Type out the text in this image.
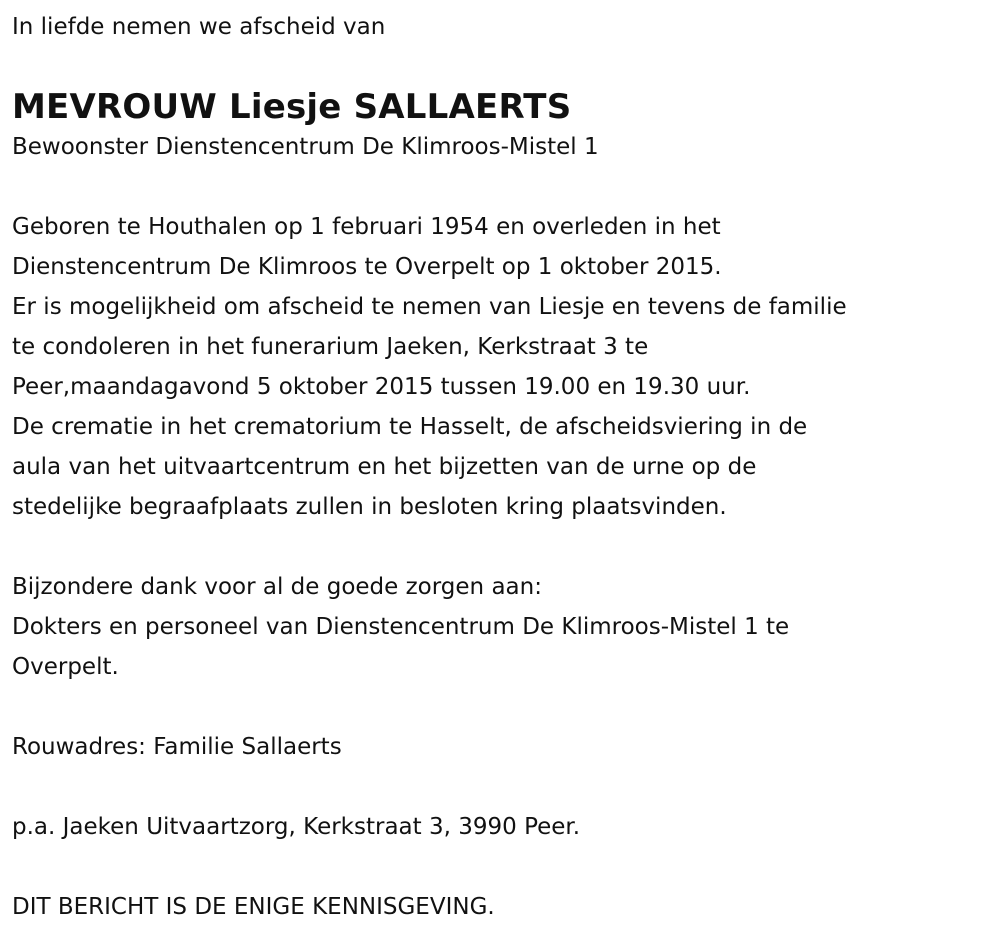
In liefde nemen we afscheid van

MEVROUW Liesje SALLAERTS

Bewoonster Dienstencentrum De Klimroos-Mistel 1

Geboren te Houthalen op 1 februari 1954 en overleden in het

Dienstencentrum De Klimroos te Overpelt op 1 oktober 2015.

Er is mogelijkheid om afscheid te nemen van Liesje en tevens de familie

te condoleren in het funerarium Jaeken, Kerkstraat 3 te

Peer,maandagavond 5 oktober 2015 tussen 19.00 en 19.30 uur.

De crematie in het crematorium te Hasselt, de afscheidsviering in de

aula van het uitvaartcentrum en het bijzetten van de urne op de

stedelijke begraafplaats zullen in besloten kring plaatsvinden.

Bijzondere dank voor al de goede zorgen aan:

Dokters en personeel van Dienstencentrum De Klimroos-Mistel 1 te

Overpelt.

Rouwadres: Familie Sallaerts

p.a. Jaeken Uitvaartzorg, Kerkstraat 3, 3990 Peer.

DIT BERICHT IS DE ENIGE KENNISGEVING.
